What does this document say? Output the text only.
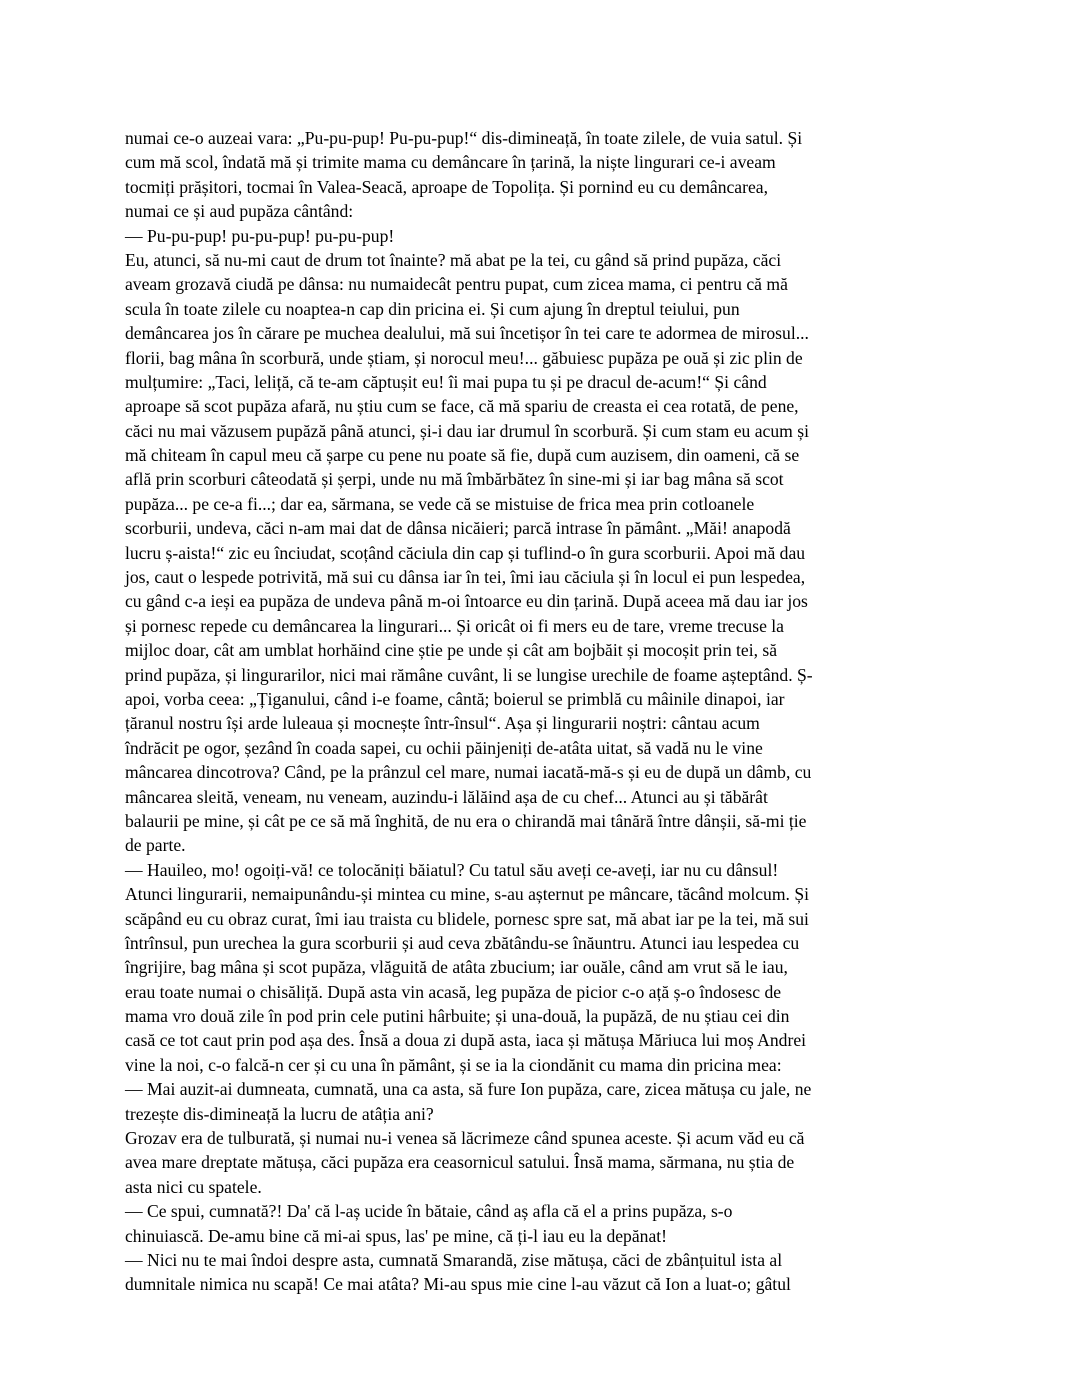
numai ce-o auzeai vara: „Pu-pu-pup! Pu-pu-pup!“ dis-dimineață, în toate zilele, de vuia satul. Și
cum mă scol, îndată mă și trimite mama cu demâncare în țarină, la niște lingurari ce-i aveam
tocmiți prășitori, tocmai în Valea-Seacă, aproape de Topolița. Și pornind eu cu demâncarea,
numai ce și aud pupăza cântând:
— Pu-pu-pup! pu-pu-pup! pu-pu-pup!
Eu, atunci, să nu-mi caut de drum tot înainte? mă abat pe la tei, cu gând să prind pupăza, căci
aveam grozavă ciudă pe dânsa: nu numaidecât pentru pupat, cum zicea mama, ci pentru că mă
scula în toate zilele cu noaptea-n cap din pricina ei. Și cum ajung în dreptul teiului, pun
demâncarea jos în cărare pe muchea dealului, mă sui încetișor în tei care te adormea de mirosul...
florii, bag mâna în scorbură, unde știam, și norocul meu!... găbuiesc pupăza pe ouă și zic plin de
mulțumire: „Taci, leliță, că te-am căptușit eu! îi mai pupa tu și pe dracul de-acum!“ Și când
aproape să scot pupăza afară, nu știu cum se face, că mă spariu de creasta ei cea rotată, de pene,
căci nu mai văzusem pupăză până atunci, și-i dau iar drumul în scorbură. Și cum stam eu acum și
mă chiteam în capul meu că șarpe cu pene nu poate să fie, după cum auzisem, din oameni, că se
află prin scorburi câteodată și șerpi, unde nu mă îmbărbătez în sine-mi și iar bag mâna să scot
pupăza... pe ce-a fi...; dar ea, sărmana, se vede că se mistuise de frica mea prin cotloanele
scorburii, undeva, căci n-am mai dat de dânsa nicăieri; parcă intrase în pământ. „Măi! anapodă
lucru ș-aista!“ zic eu înciudat, scoțând căciula din cap și tuflind-o în gura scorburii. Apoi mă dau
jos, caut o lespede potrivită, mă sui cu dânsa iar în tei, îmi iau căciula și în locul ei pun lespedea,
cu gând c-a ieși ea pupăza de undeva până m-oi întoarce eu din țarină. După aceea mă dau iar jos
și pornesc repede cu demâncarea la lingurari... Și oricât oi fi mers eu de tare, vreme trecuse la
mijloc doar, cât am umblat horhăind cine știe pe unde și cât am bojbăit și mocoșit prin tei, să
prind pupăza, și lingurarilor, nici mai rămâne cuvânt, li se lungise urechile de foame așteptând. Ș-
apoi, vorba ceea: „Țiganului, când i-e foame, cântă; boierul se primblă cu mâinile dinapoi, iar
țăranul nostru își arde luleaua și mocnește într-însul“. Așa și lingurarii noștri: cântau acum
îndrăcit pe ogor, șezând în coada sapei, cu ochii păinjeniți de-atâta uitat, să vadă nu le vine
mâncarea dincotrova? Când, pe la prânzul cel mare, numai iacată-mă-s și eu de după un dâmb, cu
mâncarea sleită, veneam, nu veneam, auzindu-i lălăind așa de cu chef... Atunci au și tăbărât
balaurii pe mine, și cât pe ce să mă înghită, de nu era o chirandă mai tânără între dânșii, să-mi ție
de parte.
— Hauileo, mo! ogoiți-vă! ce tolocăniți băiatul? Cu tatul său aveți ce-aveți, iar nu cu dânsul!
Atunci lingurarii, nemaipunându-și mintea cu mine, s-au așternut pe mâncare, tăcând molcum. Și
scăpând eu cu obraz curat, îmi iau traista cu blidele, pornesc spre sat, mă abat iar pe la tei, mă sui
întrînsul, pun urechea la gura scorburii și aud ceva zbătându-se înăuntru. Atunci iau lespedea cu
îngrijire, bag mâna și scot pupăza, vlăguită de atâta zbucium; iar ouăle, când am vrut să le iau,
erau toate numai o chisăliță. După asta vin acasă, leg pupăza de picior c-o ață ș-o îndosesc de
mama vro două zile în pod prin cele putini hârbuite; și una-două, la pupăză, de nu știau cei din
casă ce tot caut prin pod așa des. Însă a doua zi după asta, iaca și mătușa Măriuca lui moș Andrei
vine la noi, c-o falcă-n cer și cu una în pământ, și se ia la ciondănit cu mama din pricina mea:
— Mai auzit-ai dumneata, cumnată, una ca asta, să fure Ion pupăza, care, zicea mătușa cu jale, ne
trezește dis-dimineață la lucru de atâția ani?
Grozav era de tulburată, și numai nu-i venea să lăcrimeze când spunea aceste. Și acum văd eu că
avea mare dreptate mătușa, căci pupăza era ceasornicul satului. Însă mama, sărmana, nu știa de
asta nici cu spatele.
— Ce spui, cumnată?! Da' că l-aș ucide în bătaie, când aș afla că el a prins pupăza, s-o
chinuiască. De-amu bine că mi-ai spus, las' pe mine, că ți-l iau eu la depănat!
— Nici nu te mai îndoi despre asta, cumnată Smarandă, zise mătușa, căci de zbânțuitul ista al
dumnitale nimica nu scapă! Ce mai atâta? Mi-au spus mie cine l-au văzut că Ion a luat-o; gâtul
